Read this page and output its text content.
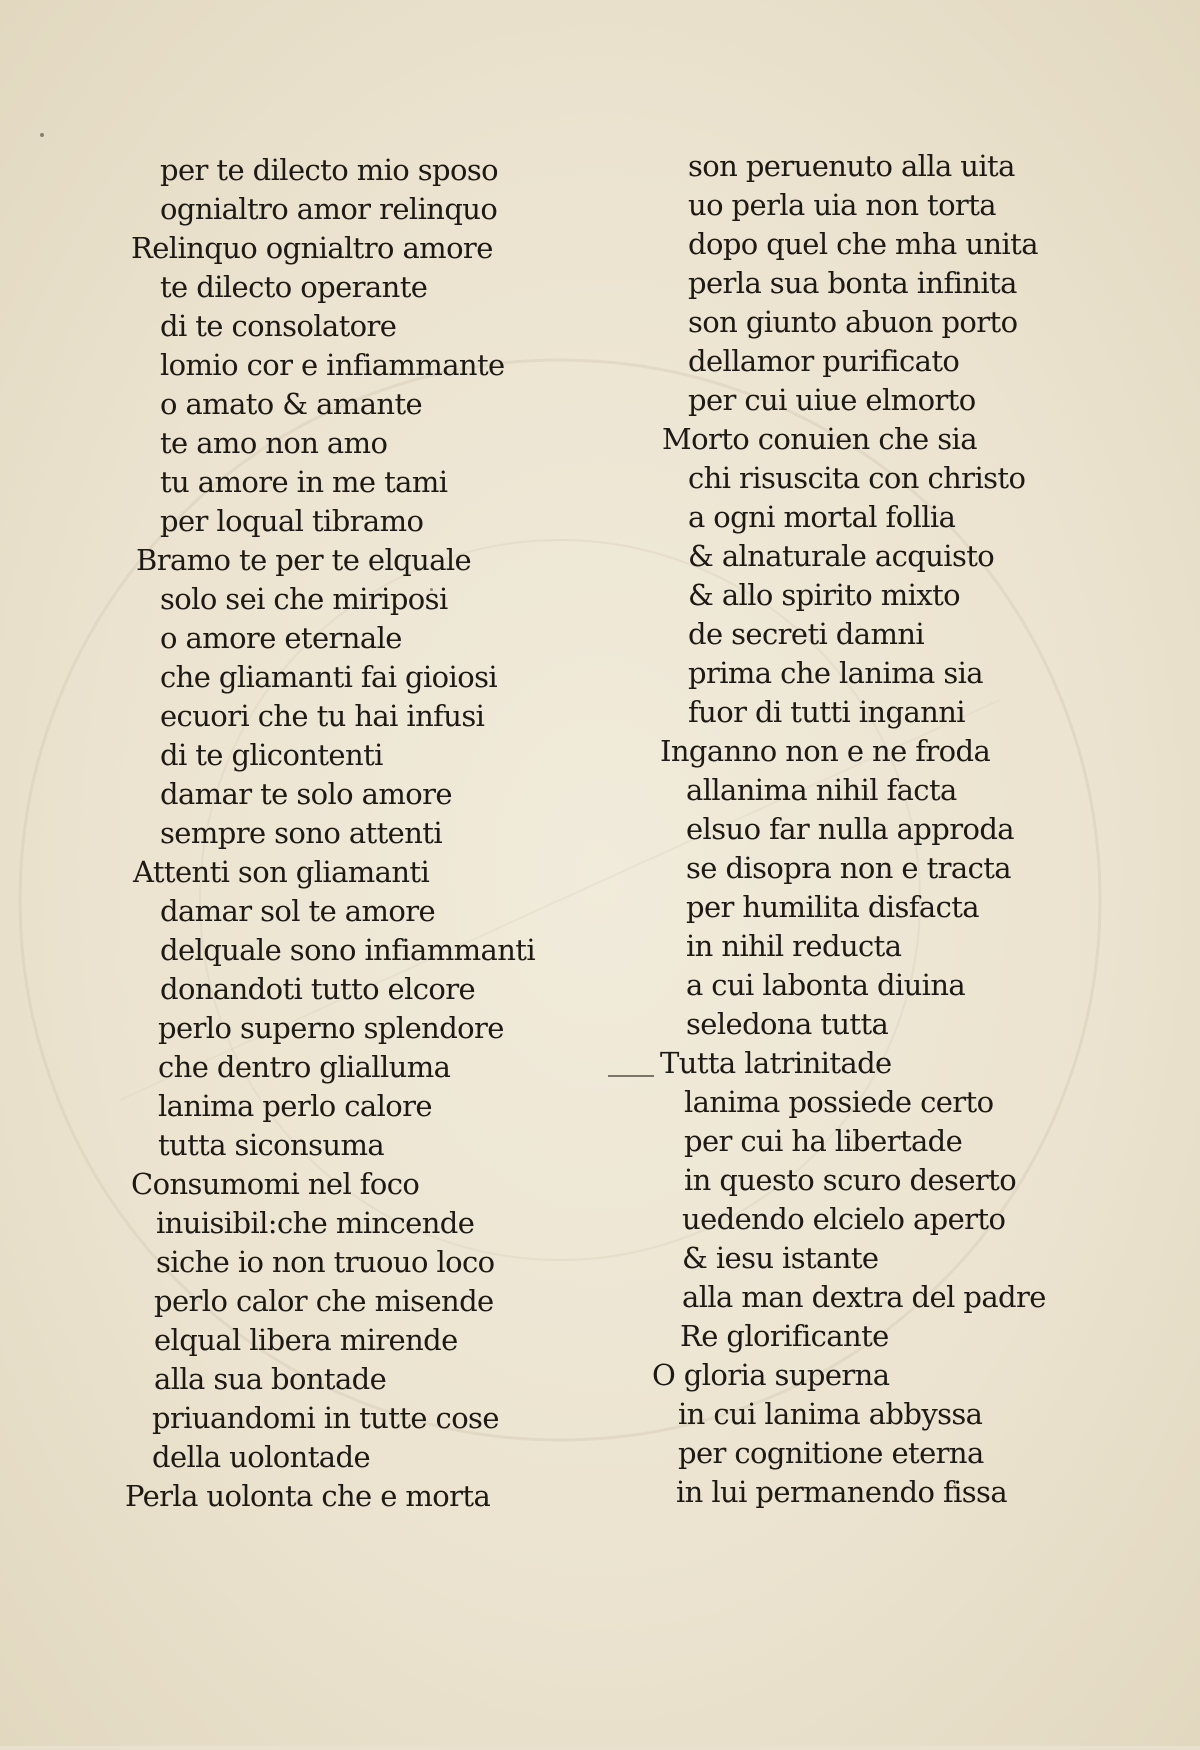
per te dilecto mio sposo
ognialtro amor relinquo
Relinquo ognialtro amore
te dilecto operante
di te consolatore
lomio cor e infiammante
o amato & amante
te amo non amo
tu amore in me tami
per loqual tibramo
Bramo te per te elquale
solo sei che miriposi
o amore eternale
che gliamanti fai gioiosi
ecuori che tu hai infusi
di te glicontenti
damar te solo amore
sempre sono attenti
Attenti son gliamanti
damar sol te amore
delquale sono infiammanti
donandoti tutto elcore
perlo superno splendore
che dentro glialluma
lanima perlo calore
tutta siconsuma
Consumomi nel foco
inuisibil:che mincende
siche io non truouo loco
perlo calor che misende
elqual libera mirende
alla sua bontade
priuandomi in tutte cose
della uolontade
Perla uolonta che e morta
son peruenuto alla uita
uo perla uia non torta
dopo quel che mha unita
perla sua bonta infinita
son giunto abuon porto
dellamor purificato
per cui uiue elmorto
Morto conuien che sia
chi risuscita con christo
a ogni mortal follia
& alnaturale acquisto
& allo spirito mixto
de secreti damni
prima che lanima sia
fuor di tutti inganni
Inganno non e ne froda
allanima nihil facta
elsuo far nulla approda
se disopra non e tracta
per humilita disfacta
in nihil reducta
a cui labonta diuina
seledona tutta
Tutta latrinitade
lanima possiede certo
per cui ha libertade
in questo scuro deserto
uedendo elcielo aperto
& iesu istante
alla man dextra del padre
Re glorificante
O gloria superna
in cui lanima abbyssa
per cognitione eterna
in lui permanendo fissa
